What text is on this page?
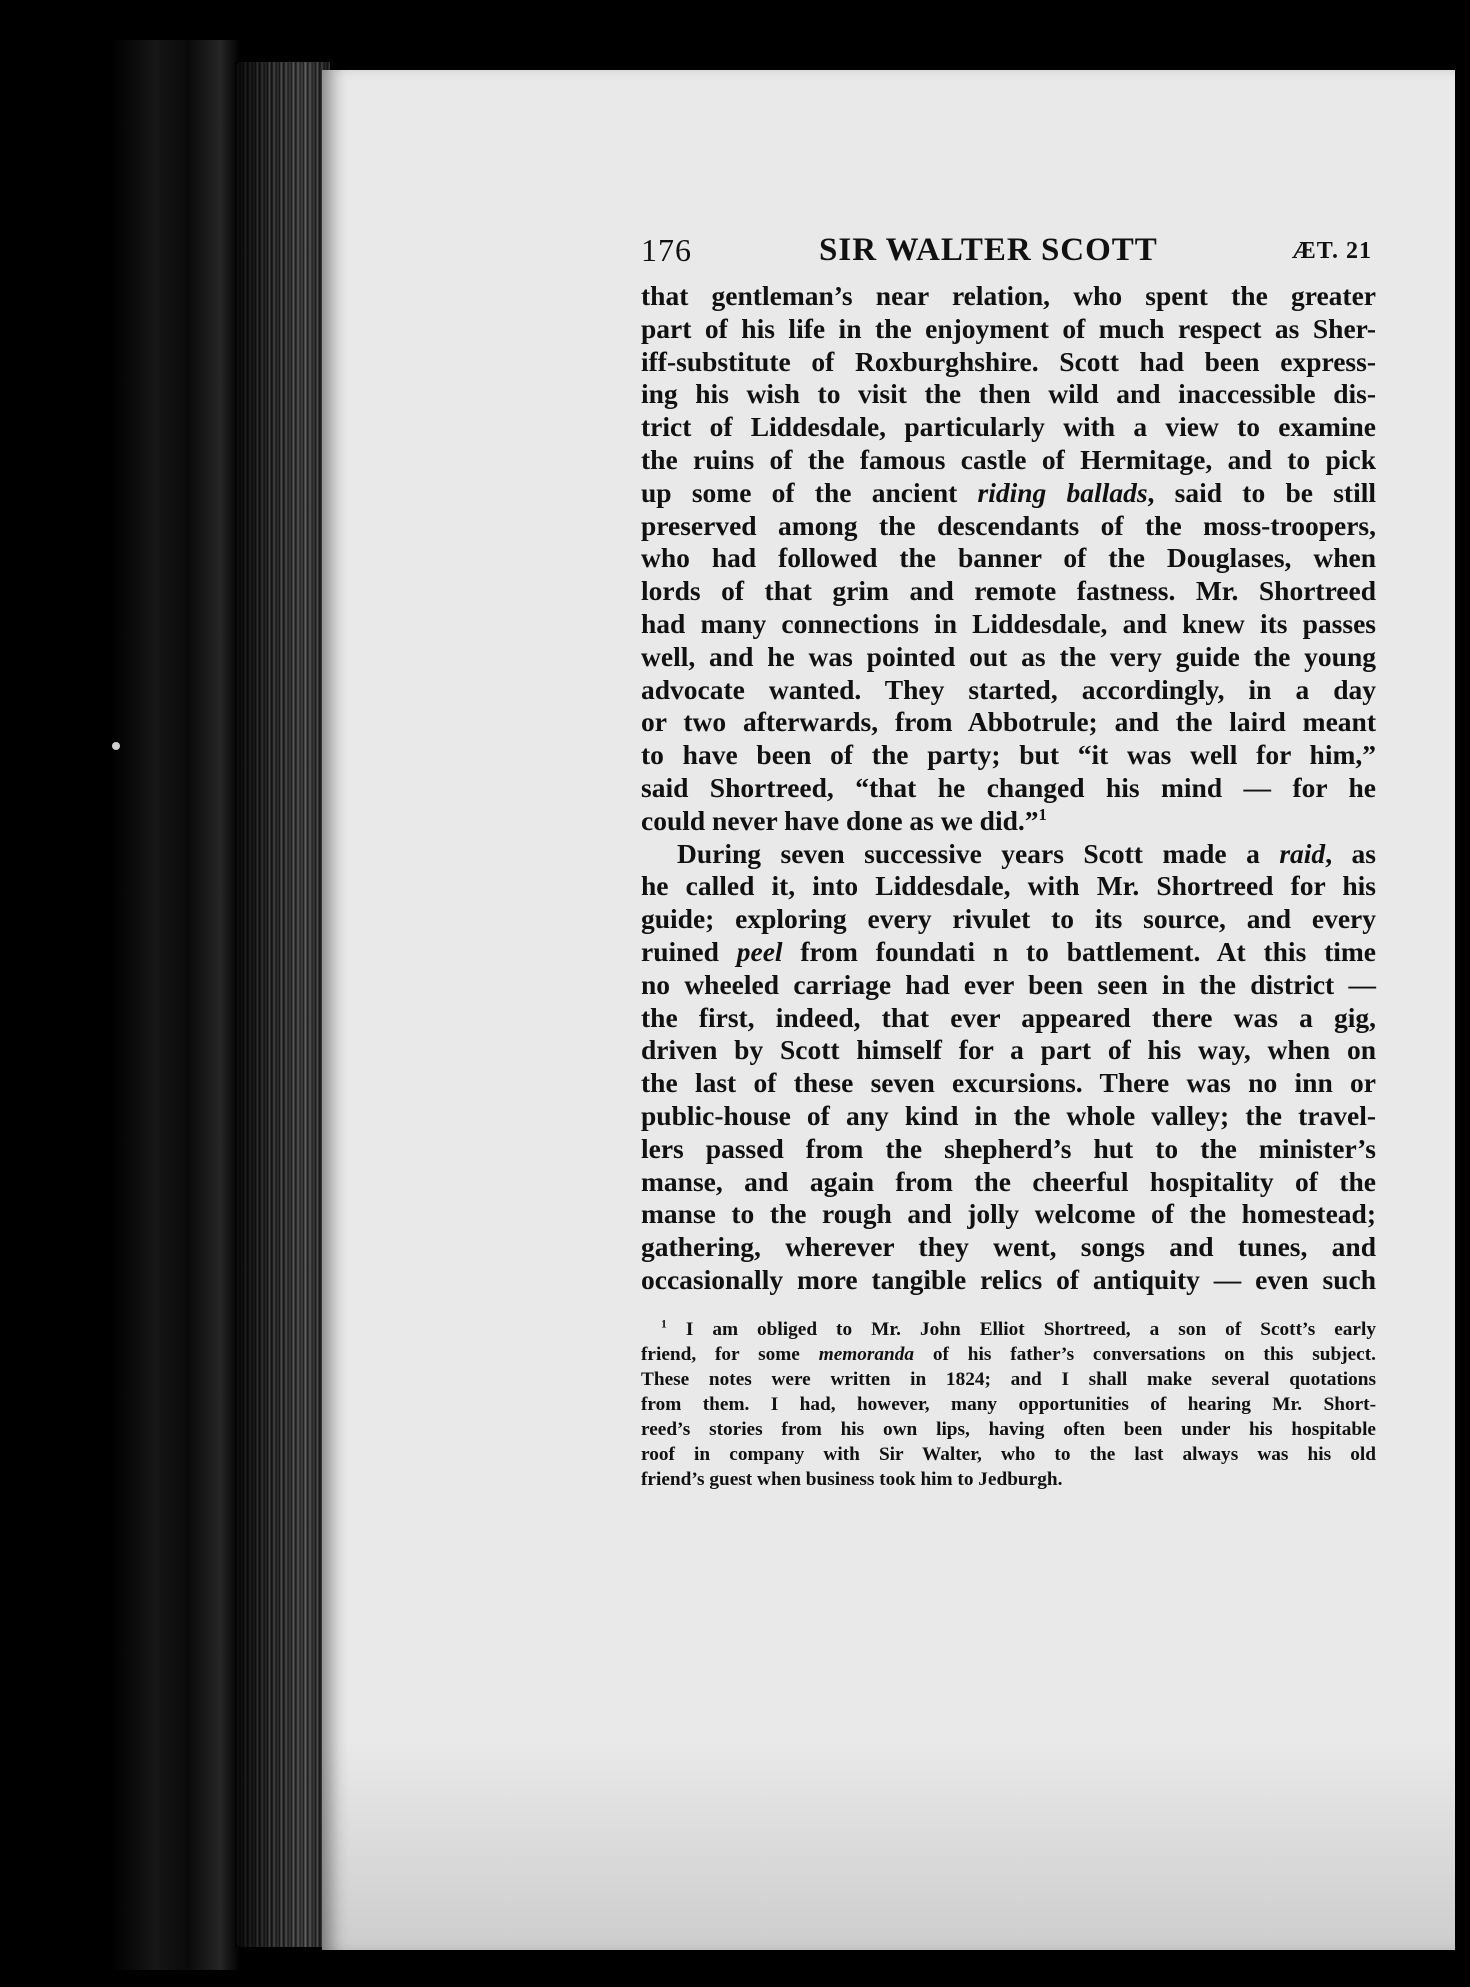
176	SIR WALTER SCOTT	ÆT. 21
that gentleman’s near relation, who spent the greater
part of his life in the enjoyment of much respect as Sher-
iff-substitute of Roxburghshire. Scott had been express-
ing his wish to visit the then wild and inaccessible dis-
trict of Liddesdale, particularly with a view to examine
the ruins of the famous castle of Hermitage, and to pick
up some of the ancient riding ballads, said to be still
preserved among the descendants of the moss-troopers,
who had followed the banner of the Douglases, when
lords of that grim and remote fastness. Mr. Shortreed
had many connections in Liddesdale, and knew its passes
well, and he was pointed out as the very guide the young
advocate wanted. They started, accordingly, in a day
or two afterwards, from Abbotrule; and the laird meant
to have been of the party; but “it was well for him,”
said Shortreed, “that he changed his mind — for he
could never have done as we did.”$^1$
During seven successive years Scott made a raid, as
he called it, into Liddesdale, with Mr. Shortreed for his
guide; exploring every rivulet to its source, and every
ruined peel from foundati n to battlement. At this time
no wheeled carriage had ever been seen in the district —
the first, indeed, that ever appeared there was a gig,
driven by Scott himself for a part of his way, when on
the last of these seven excursions. There was no inn or
public-house of any kind in the whole valley; the travel-
lers passed from the shepherd’s hut to the minister’s
manse, and again from the cheerful hospitality of the
manse to the rough and jolly welcome of the homestead;
gathering, wherever they went, songs and tunes, and
occasionally more tangible relics of antiquity — even such
$^1$ I am obliged to Mr. John Elliot Shortreed, a son of Scott’s early
friend, for some memoranda of his father’s conversations on this subject.
These notes were written in 1824; and I shall make several quotations
from them. I had, however, many opportunities of hearing Mr. Short-
reed’s stories from his own lips, having often been under his hospitable
roof in company with Sir Walter, who to the last always was his old
friend’s guest when business took him to Jedburgh.
